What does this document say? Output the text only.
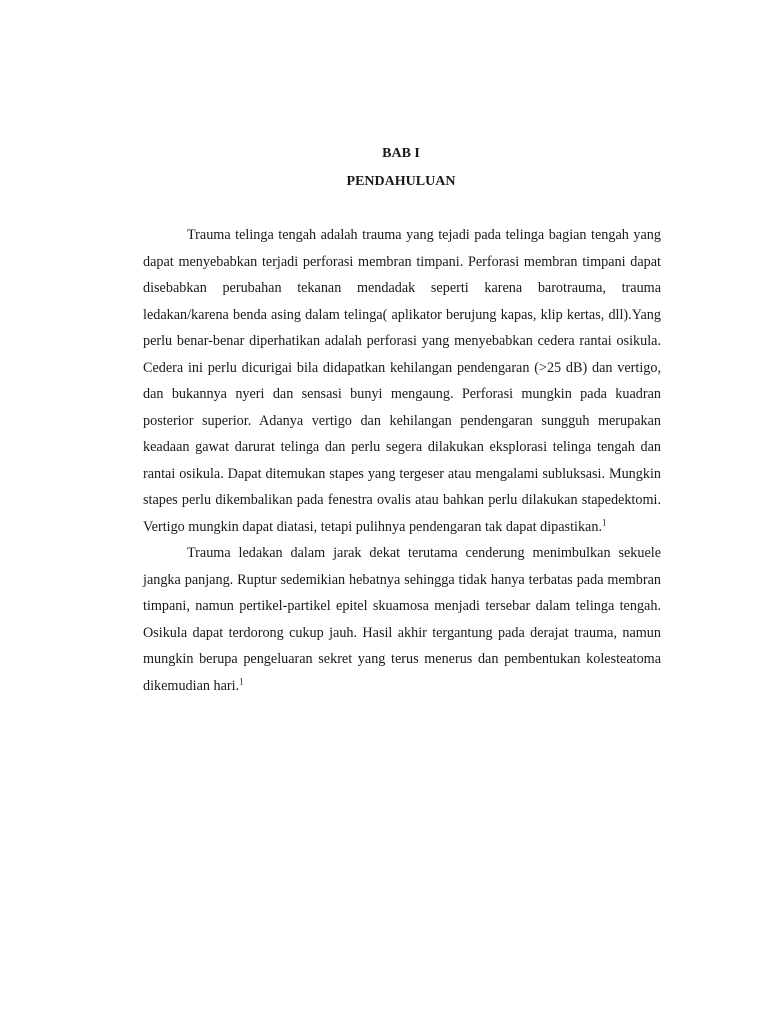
BAB I
PENDAHULUAN

Trauma telinga tengah adalah trauma yang tejadi pada telinga bagian tengah yang dapat menyebabkan terjadi perforasi membran timpani. Perforasi membran timpani dapat disebabkan perubahan tekanan mendadak seperti karena barotrauma, trauma ledakan/karena benda asing dalam telinga( aplikator berujung kapas, klip kertas, dll).Yang perlu benar-benar diperhatikan adalah perforasi yang menyebabkan cedera rantai osikula. Cedera ini perlu dicurigai bila didapatkan kehilangan pendengaran (>25 dB) dan vertigo, dan bukannya nyeri dan sensasi bunyi mengaung. Perforasi mungkin pada kuadran posterior superior. Adanya vertigo dan kehilangan pendengaran sungguh merupakan keadaan gawat darurat telinga dan perlu segera dilakukan eksplorasi telinga tengah dan rantai osikula. Dapat ditemukan stapes yang tergeser atau mengalami subluksasi. Mungkin stapes perlu dikembalikan pada fenestra ovalis atau bahkan perlu dilakukan stapedektomi. Vertigo mungkin dapat diatasi, tetapi pulihnya pendengaran tak dapat dipastikan.$^1$

Trauma ledakan dalam jarak dekat terutama cenderung menimbulkan sekuele jangka panjang. Ruptur sedemikian hebatnya sehingga tidak hanya terbatas pada membran timpani, namun pertikel-partikel epitel skuamosa menjadi tersebar dalam telinga tengah. Osikula dapat terdorong cukup jauh. Hasil akhir tergantung pada derajat trauma, namun mungkin berupa pengeluaran sekret yang terus menerus dan pembentukan kolesteatoma dikemudian hari.$^1$
